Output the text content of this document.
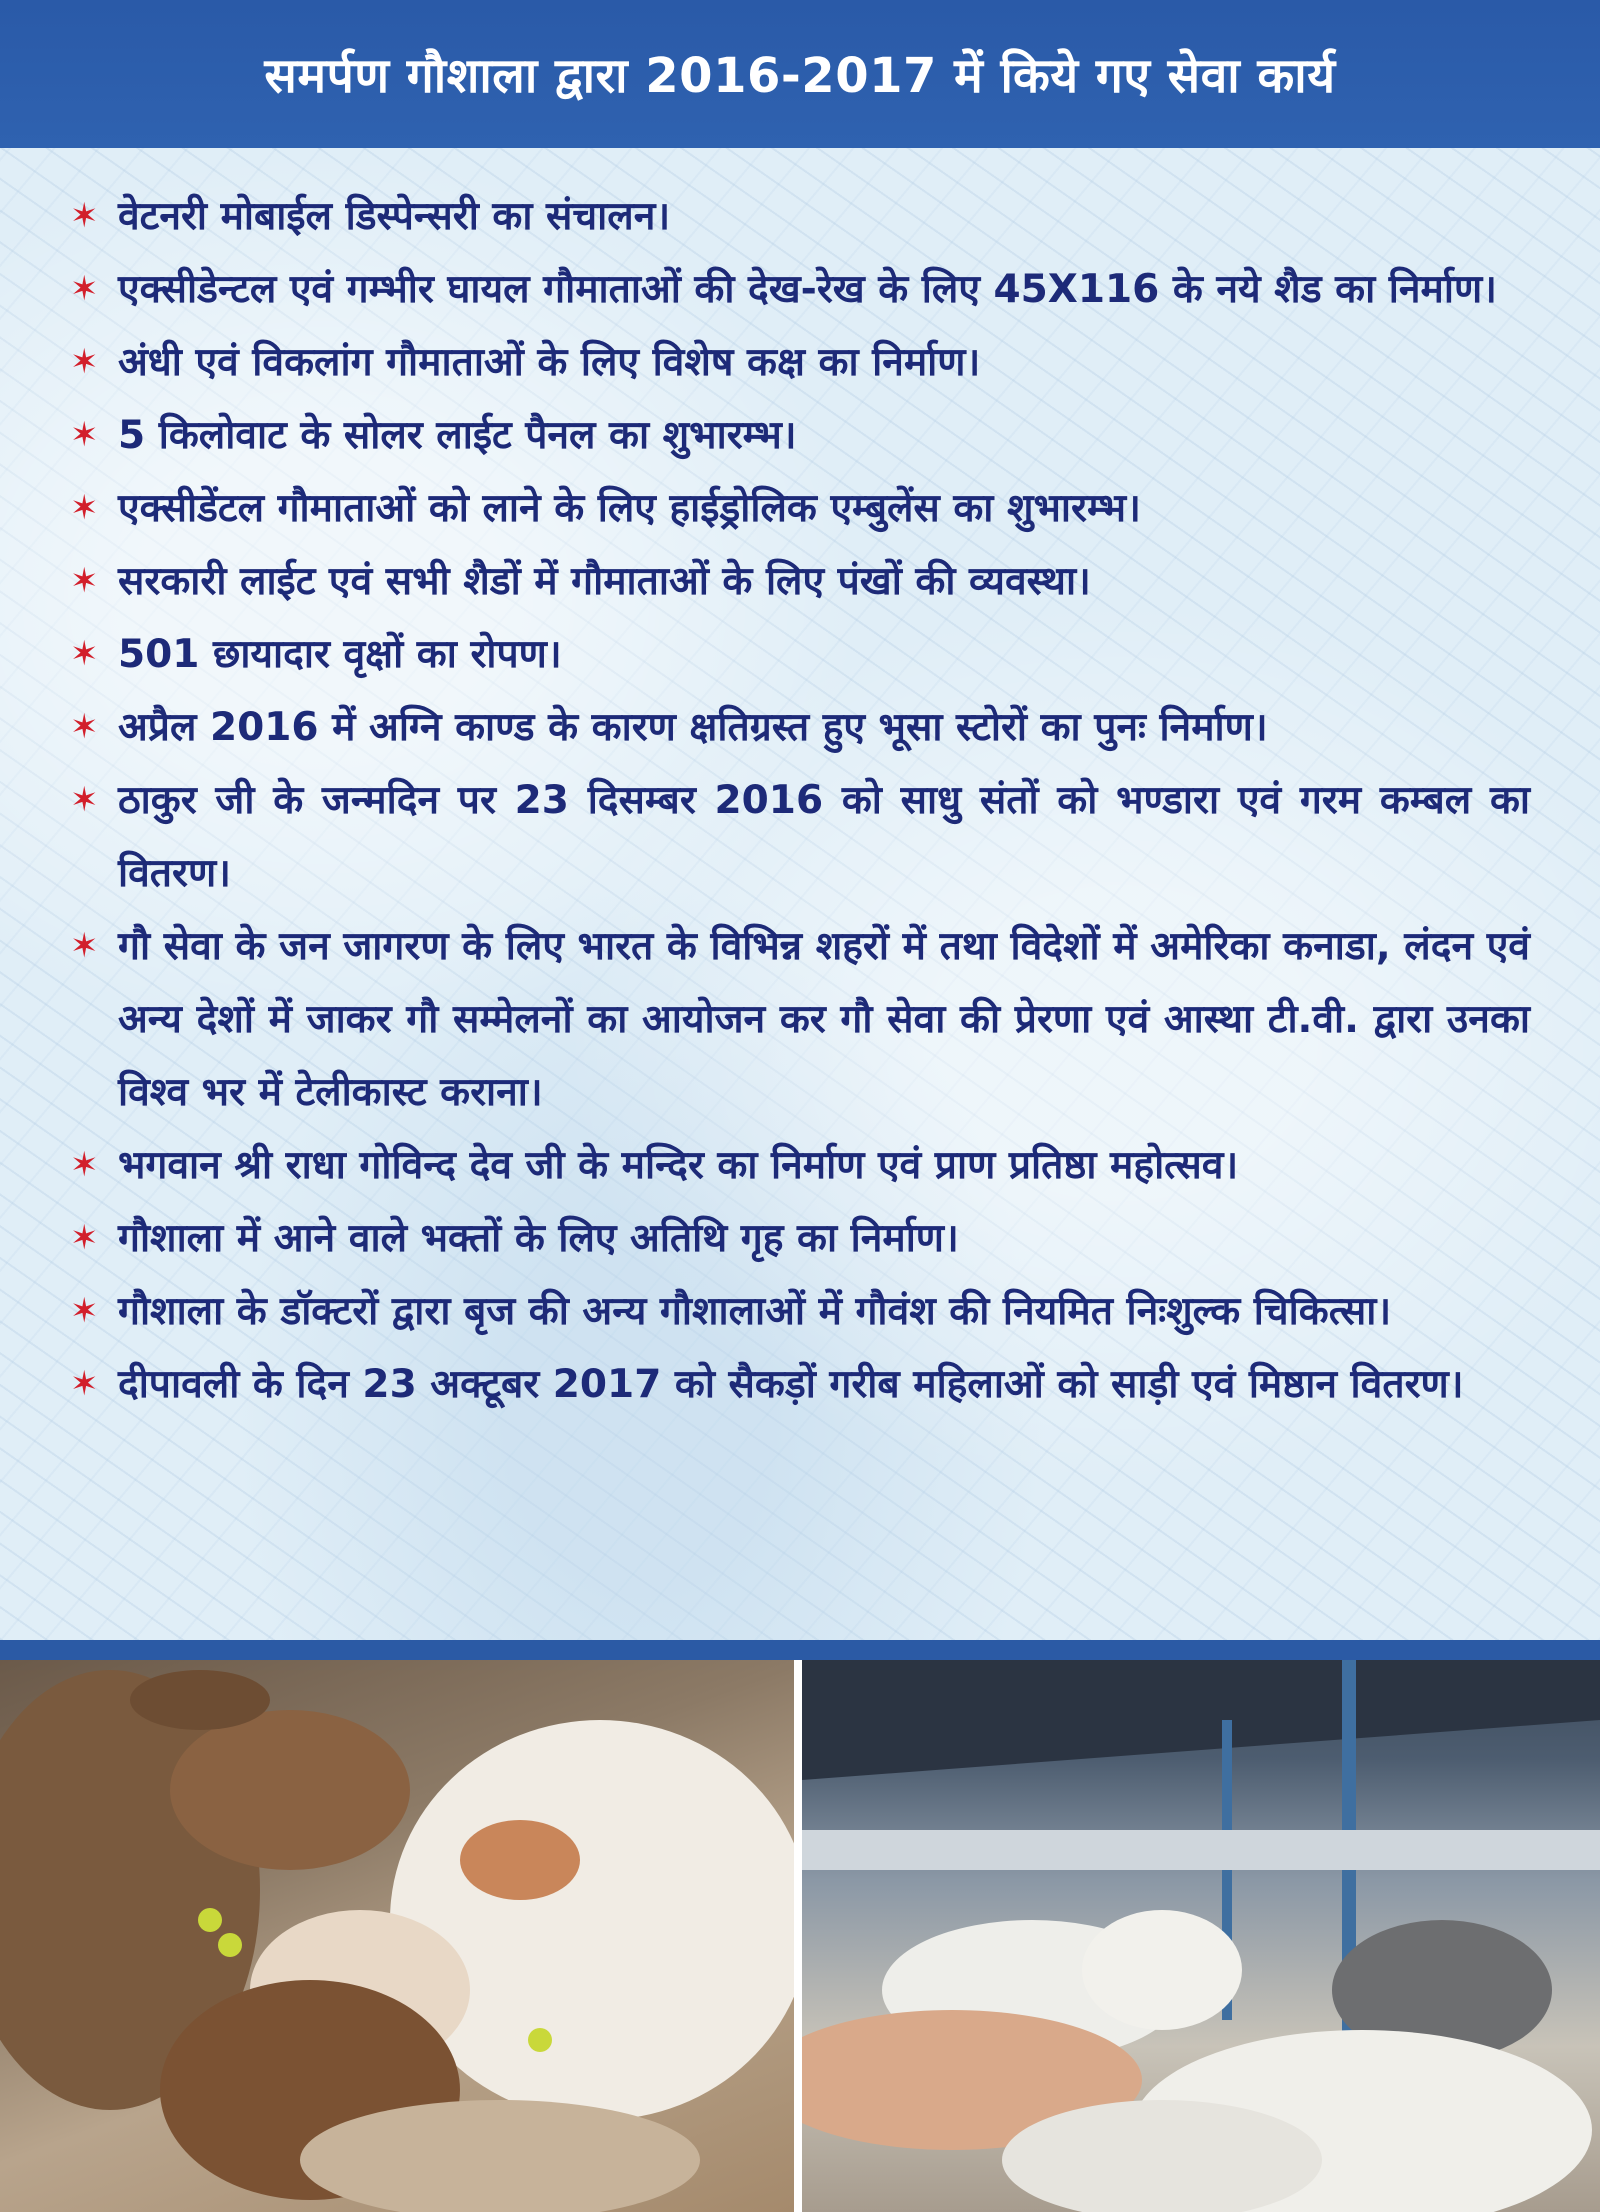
समर्पण गौशाला द्वारा 2016-2017 में किये गए सेवा कार्य
✶ वेटनरी मोबाईल डिस्पेन्सरी का संचालन।
✶ एक्सीडेन्टल एवं गम्भीर घायल गौमाताओं की देख-रेख के लिए 45X116 के नये शैड का निर्माण।
✶ अंधी एवं विकलांग गौमाताओं के लिए विशेष कक्ष का निर्माण।
✶ 5 किलोवाट के सोलर लाईट पैनल का शुभारम्भ।
✶ एक्सीडेंटल गौमाताओं को लाने के लिए हाईड्रोलिक एम्बुलेंस का शुभारम्भ।
✶ सरकारी लाईट एवं सभी शैडों में गौमाताओं के लिए पंखों की व्यवस्था।
✶ 501 छायादार वृक्षों का रोपण।
✶ अप्रैल 2016 में अग्नि काण्ड के कारण क्षतिग्रस्त हुए भूसा स्टोरों का पुनः निर्माण।
✶ ठाकुर जी के जन्मदिन पर 23 दिसम्बर 2016 को साधु संतों को भण्डारा एवं गरम कम्बल का वितरण।
✶ गौ सेवा के जन जागरण के लिए भारत के विभिन्न शहरों में तथा विदेशों में अमेरिका कनाडा, लंदन एवं अन्य देशों में जाकर गौ सम्मेलनों का आयोजन कर गौ सेवा की प्रेरणा एवं आस्था टी.वी. द्वारा उनका विश्व भर में टेलीकास्ट कराना।
✶ भगवान श्री राधा गोविन्द देव जी के मन्दिर का निर्माण एवं प्राण प्रतिष्ठा महोत्सव।
✶ गौशाला में आने वाले भक्तों के लिए अतिथि गृह का निर्माण।
✶ गौशाला के डॉक्टरों द्वारा बृज की अन्य गौशालाओं में गौवंश की नियमित निःशुल्क चिकित्सा।
✶ दीपावली के दिन 23 अक्टूबर 2017 को सैकड़ों गरीब महिलाओं को साड़ी एवं मिष्ठान वितरण।
